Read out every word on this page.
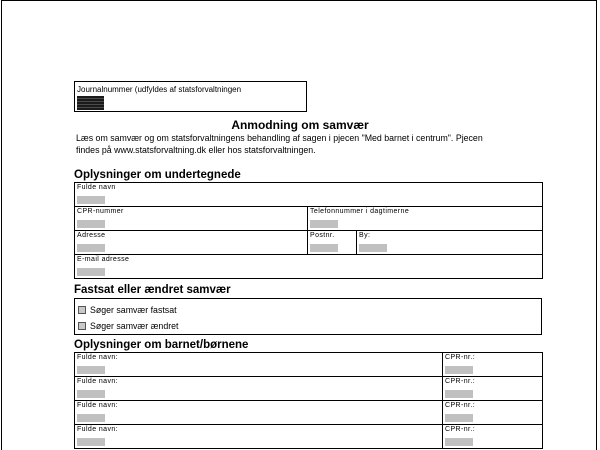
Journalnummer (udfyldes af statsforvaltningen
Anmodning om samvær
Læs om samvær og om statsforvaltningens behandling af sagen i pjecen "Med barnet i centrum". Pjecen
findes på www.statsforvaltning.dk eller hos statsforvaltningen.
Oplysninger om undertegnede
Fulde navn		

CPR-nummer	Telefonnummer i dagtimerne	

Adresse	Postnr.	By:

E-mail adresse		
Fastsat eller ændret samvær
Søger samvær fastsat
Søger samvær ændret
Oplysninger om barnet/børnene
Fulde navn:	CPR-nr.:

Fulde navn:	CPR-nr.:

Fulde navn:	CPR-nr.:

Fulde navn:	CPR-nr.:
